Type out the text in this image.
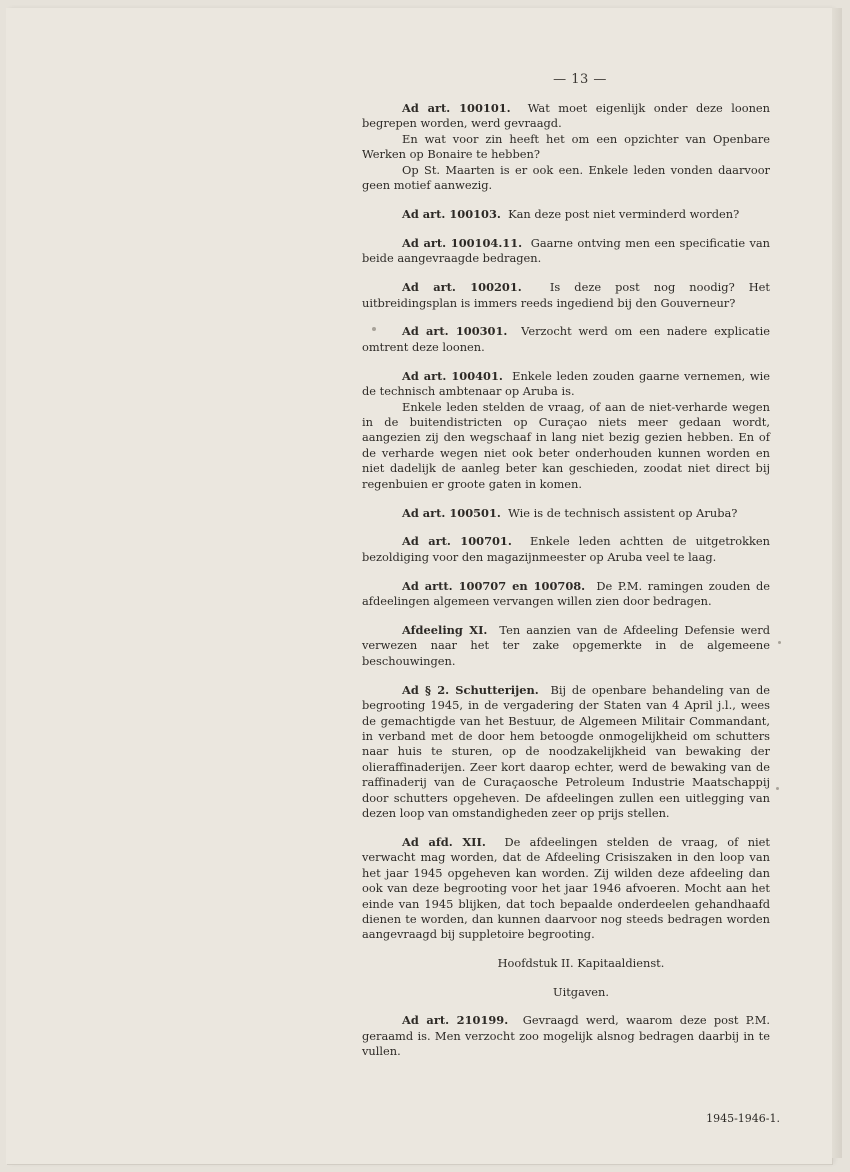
— 13 —

Ad art. 100101. Wat moet eigenlijk onder deze loonen begrepen worden, werd gevraagd.

En wat voor zin heeft het om een opzichter van Openbare Werken op Bonaire te hebben?

Op St. Maarten is er ook een. Enkele leden vonden daarvoor geen motief aanwezig.

Ad art. 100103. Kan deze post niet verminderd worden?

Ad art. 100104.11. Gaarne ontving men een specificatie van beide aangevraagde bedragen.

Ad art. 100201. Is deze post nog noodig? Het uitbreidingsplan is immers reeds ingediend bij den Gouverneur?

Ad art. 100301. Verzocht werd om een nadere explicatie omtrent deze loonen.

Ad art. 100401. Enkele leden zouden gaarne vernemen, wie de technisch ambtenaar op Aruba is.

Enkele leden stelden de vraag, of aan de niet-verharde wegen in de buitendistricten op Curaçao niets meer gedaan wordt, aangezien zij den wegschaaf in lang niet bezig gezien hebben. En of de verharde wegen niet ook beter onderhouden kunnen worden en niet dadelijk de aanleg beter kan geschieden, zoodat niet direct bij regenbuien er groote gaten in komen.

Ad art. 100501. Wie is de technisch assistent op Aruba?

Ad art. 100701. Enkele leden achtten de uitgetrokken bezoldiging voor den magazijnmeester op Aruba veel te laag.

Ad artt. 100707 en 100708. De P.M. ramingen zouden de afdeelingen algemeen vervangen willen zien door bedragen.

Afdeeling XI. Ten aanzien van de Afdeeling Defensie werd verwezen naar het ter zake opgemerkte in de algemeene beschouwingen.

Ad § 2. Schutterijen. Bij de openbare behandeling van de begrooting 1945, in de vergadering der Staten van 4 April j.l., wees de gemachtigde van het Bestuur, de Algemeen Militair Commandant, in verband met de door hem betoogde onmogelijkheid om schutters naar huis te sturen, op de noodzakelijkheid van bewaking der olieraffinaderijen. Zeer kort daarop echter, werd de bewaking van de raffinaderij van de Curaçaosche Petroleum Industrie Maatschappij door schutters opgeheven. De afdeelingen zullen een uitlegging van dezen loop van omstandigheden zeer op prijs stellen.

Ad afd. XII. De afdeelingen stelden de vraag, of niet verwacht mag worden, dat de Afdeeling Crisiszaken in den loop van het jaar 1945 opgeheven kan worden. Zij wilden deze afdeeling dan ook van deze begrooting voor het jaar 1946 afvoeren. Mocht aan het einde van 1945 blijken, dat toch bepaalde onderdeelen gehandhaafd dienen te worden, dan kunnen daarvoor nog steeds bedragen worden aangevraagd bij suppletoire begrooting.

Hoofdstuk II. Kapitaaldienst.
Uitgaven.

Ad art. 210199. Gevraagd werd, waarom deze post P.M. geraamd is. Men verzocht zoo mogelijk alsnog bedragen daarbij in te vullen.

1945-1946-1.
